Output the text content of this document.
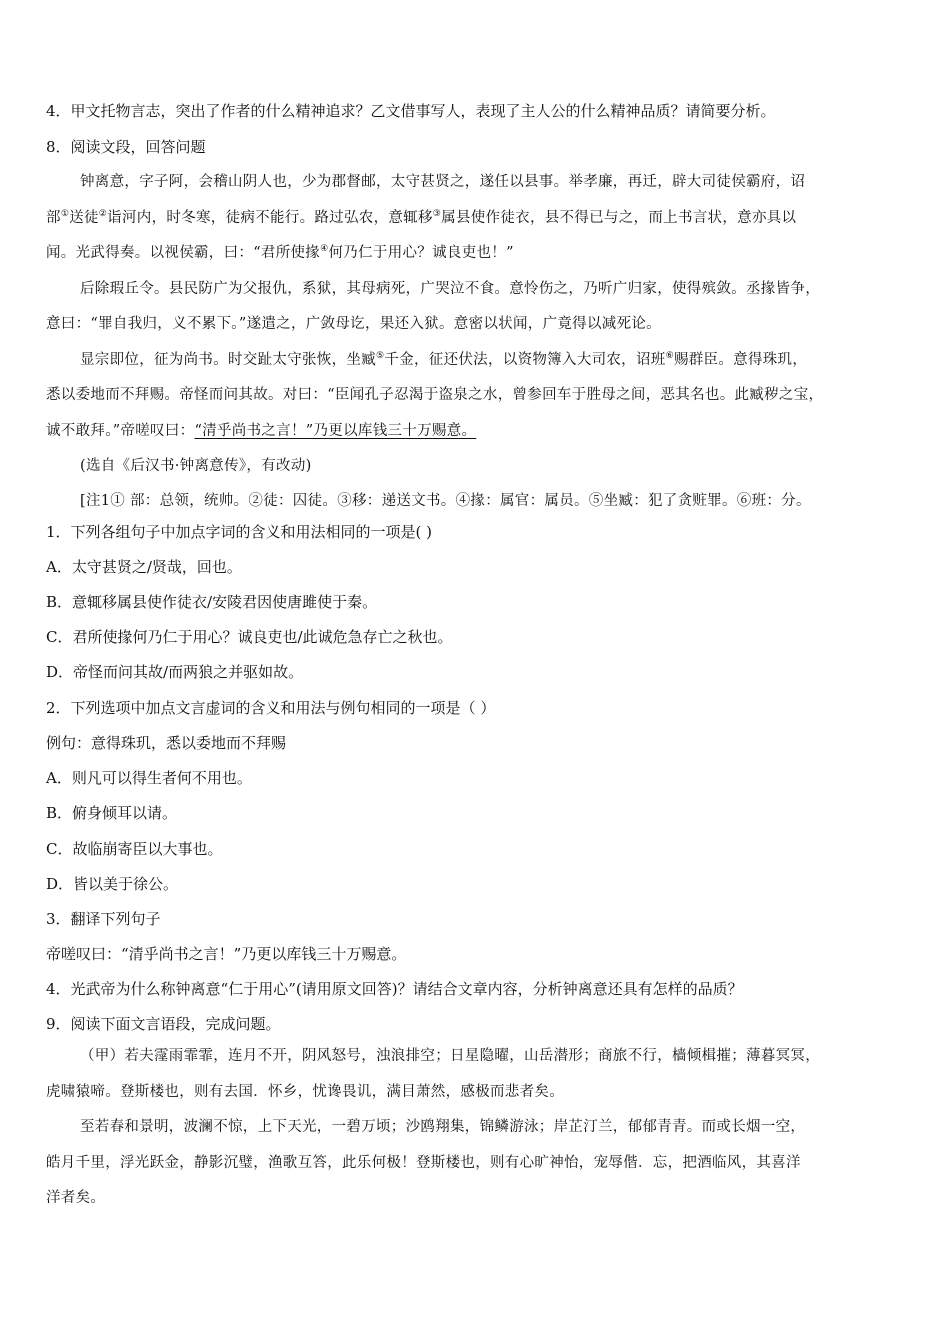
4．甲文托物言志，突出了作者的什么精神追求？乙文借事写人，表现了主人公的什么精神品质？请简要分析。
8．阅读文段，回答问题
钟离意，字子阿，会稽山阴人也，少为郡督邮，太守甚贤之，遂任以县事。举孝廉，再迁，辟大司徒侯霸府，诏
部①送徒②诣河内，时冬寒，徒病不能行。路过弘农，意辄移③属县使作徒衣，县不得已与之，而上书言状，意亦具以
闻。光武得奏。以视侯霸，曰：“君所使掾④何乃仁于用心？诚良吏也！”
后除瑕丘令。县民防广为父报仇，系狱，其母病死，广哭泣不食。意怜伤之，乃听广归家，使得殡敛。丞掾皆争，
意曰：“罪自我归，义不累下。”遂遣之，广敛母讫，果还入狱。意密以状闻，广竟得以减死论。
显宗即位，征为尚书。时交趾太守张恢，坐臧⑤千金，征还伏法，以资物簿入大司农，诏班⑥赐群臣。意得珠玑，
悉以委地而不拜赐。帝怪而问其故。对曰：“臣闻孔子忍渴于盗泉之水，曾参回车于胜母之间，恶其名也。此臧秽之宝，
诚不敢拜。”帝嗟叹曰：“清乎尚书之言！”乃更以库钱三十万赐意。
(选自《后汉书·钟离意传》，有改动)
[注1① 部：总领，统帅。②徒：囚徒。③移：递送文书。④掾：属官：属员。⑤坐臧：犯了贪赃罪。⑥班：分。
1．下列各组句子中加点字词的含义和用法相同的一项是( )
A．太守甚贤之/贤哉，回也。
B．意辄移属县使作徒衣/安陵君因使唐雎使于秦。
C．君所使掾何乃仁于用心？诚良吏也/此诚危急存亡之秋也。
D．帝怪而问其故/而两狼之并驱如故。
2．下列选项中加点文言虚词的含义和用法与例句相同的一项是（ ）
例句：意得珠玑，悉以委地而不拜赐
A．则凡可以得生者何不用也。
B．俯身倾耳以请。
C．故临崩寄臣以大事也。
D．皆以美于徐公。
3．翻译下列句子
帝嗟叹曰：“清乎尚书之言！”乃更以库钱三十万赐意。
4．光武帝为什么称钟离意“仁于用心”(请用原文回答)？请结合文章内容，分析钟离意还具有怎样的品质？
9．阅读下面文言语段，完成问题。
（甲）若夫霪雨霏霏，连月不开，阴风怒号，浊浪排空；日星隐曜，山岳潜形；商旅不行，樯倾楫摧；薄暮冥冥，
虎啸猿啼。登斯楼也，则有去国．怀乡，忧谗畏讥，满目萧然，感极而悲者矣。
至若春和景明，波澜不惊，上下天光，一碧万顷；沙鸥翔集，锦鳞游泳；岸芷汀兰，郁郁青青。而或长烟一空，
皓月千里，浮光跃金，静影沉璧，渔歌互答，此乐何极！登斯楼也，则有心旷神怡，宠辱偕．忘，把酒临风，其喜洋
洋者矣。
